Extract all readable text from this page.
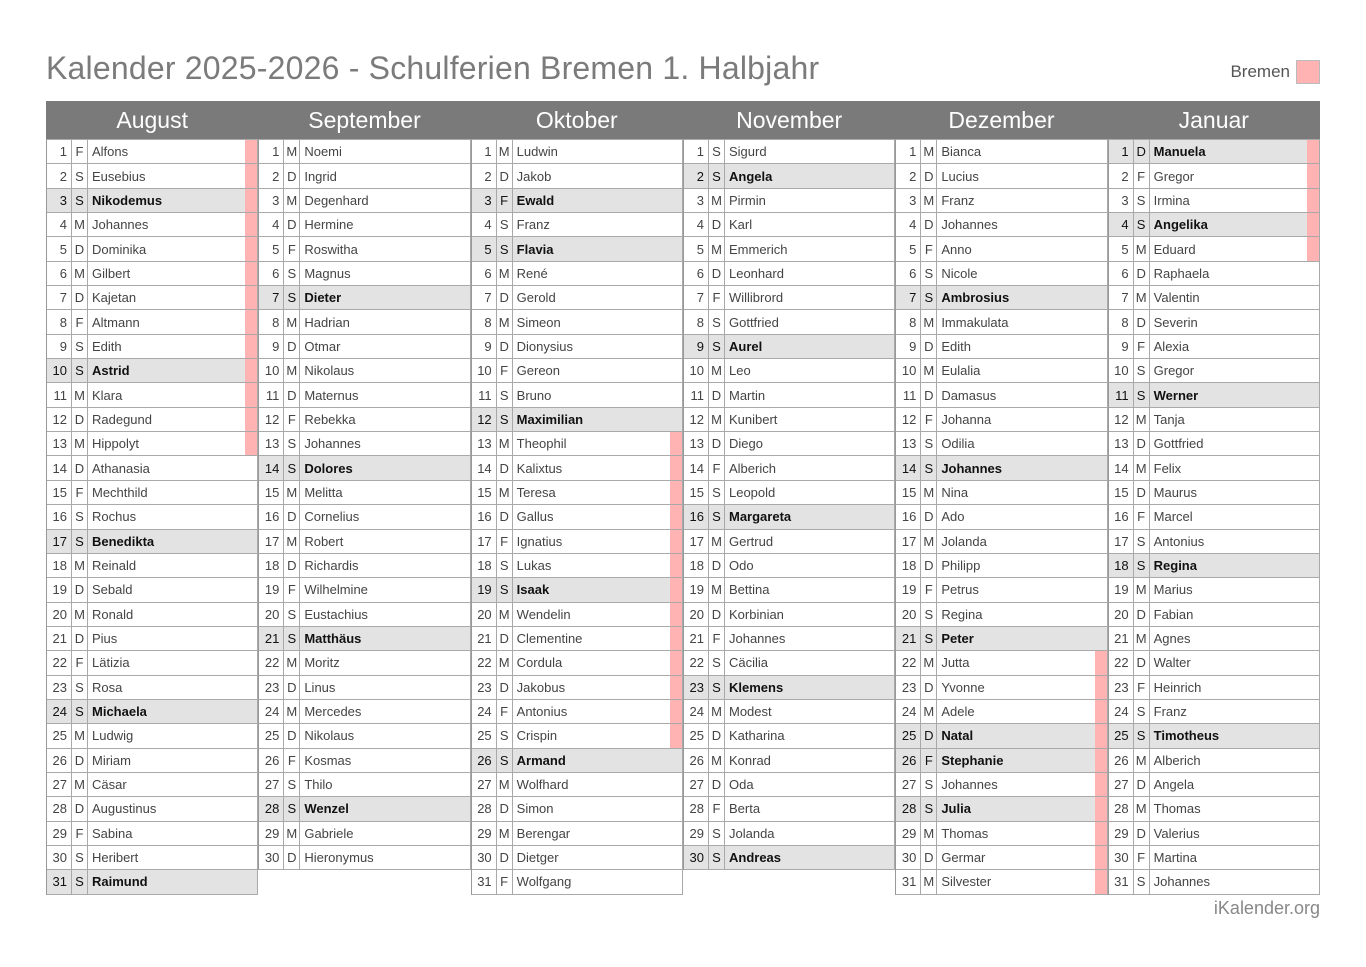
Kalender 2025-2026 - Schulferien Bremen 1. Halbjahr	Bremen
August
1 F Alfons
2 S Eusebius
3 S Nikodemus
4 M Johannes
5 D Dominika
6 M Gilbert
7 D Kajetan
8 F Altmann
9 S Edith
10 S Astrid
11 M Klara
12 D Radegund
13 M Hippolyt
14 D Athanasia
15 F Mechthild
16 S Rochus
17 S Benedikta
18 M Reinald
19 D Sebald
20 M Ronald
21 D Pius
22 F Lätizia
23 S Rosa
24 S Michaela
25 M Ludwig
26 D Miriam
27 M Cäsar
28 D Augustinus
29 F Sabina
30 S Heribert
31 S Raimund
September
1 M Noemi
2 D Ingrid
3 M Degenhard
4 D Hermine
5 F Roswitha
6 S Magnus
7 S Dieter
8 M Hadrian
9 D Otmar
10 M Nikolaus
11 D Maternus
12 F Rebekka
13 S Johannes
14 S Dolores
15 M Melitta
16 D Cornelius
17 M Robert
18 D Richardis
19 F Wilhelmine
20 S Eustachius
21 S Matthäus
22 M Moritz
23 D Linus
24 M Mercedes
25 D Nikolaus
26 F Kosmas
27 S Thilo
28 S Wenzel
29 M Gabriele
30 D Hieronymus
Oktober
1 M Ludwin
2 D Jakob
3 F Ewald
4 S Franz
5 S Flavia
6 M René
7 D Gerold
8 M Simeon
9 D Dionysius
10 F Gereon
11 S Bruno
12 S Maximilian
13 M Theophil
14 D Kalixtus
15 M Teresa
16 D Gallus
17 F Ignatius
18 S Lukas
19 S Isaak
20 M Wendelin
21 D Clementine
22 M Cordula
23 D Jakobus
24 F Antonius
25 S Crispin
26 S Armand
27 M Wolfhard
28 D Simon
29 M Berengar
30 D Dietger
31 F Wolfgang
November
1 S Sigurd
2 S Angela
3 M Pirmin
4 D Karl
5 M Emmerich
6 D Leonhard
7 F Willibrord
8 S Gottfried
9 S Aurel
10 M Leo
11 D Martin
12 M Kunibert
13 D Diego
14 F Alberich
15 S Leopold
16 S Margareta
17 M Gertrud
18 D Odo
19 M Bettina
20 D Korbinian
21 F Johannes
22 S Cäcilia
23 S Klemens
24 M Modest
25 D Katharina
26 M Konrad
27 D Oda
28 F Berta
29 S Jolanda
30 S Andreas
Dezember
1 M Bianca
2 D Lucius
3 M Franz
4 D Johannes
5 F Anno
6 S Nicole
7 S Ambrosius
8 M Immakulata
9 D Edith
10 M Eulalia
11 D Damasus
12 F Johanna
13 S Odilia
14 S Johannes
15 M Nina
16 D Ado
17 M Jolanda
18 D Philipp
19 F Petrus
20 S Regina
21 S Peter
22 M Jutta
23 D Yvonne
24 M Adele
25 D Natal
26 F Stephanie
27 S Johannes
28 S Julia
29 M Thomas
30 D Germar
31 M Silvester
Januar
1 D Manuela
2 F Gregor
3 S Irmina
4 S Angelika
5 M Eduard
6 D Raphaela
7 M Valentin
8 D Severin
9 F Alexia
10 S Gregor
11 S Werner
12 M Tanja
13 D Gottfried
14 M Felix
15 D Maurus
16 F Marcel
17 S Antonius
18 S Regina
19 M Marius
20 D Fabian
21 M Agnes
22 D Walter
23 F Heinrich
24 S Franz
25 S Timotheus
26 M Alberich
27 D Angela
28 M Thomas
29 D Valerius
30 F Martina
31 S Johannes
iKalender.org
